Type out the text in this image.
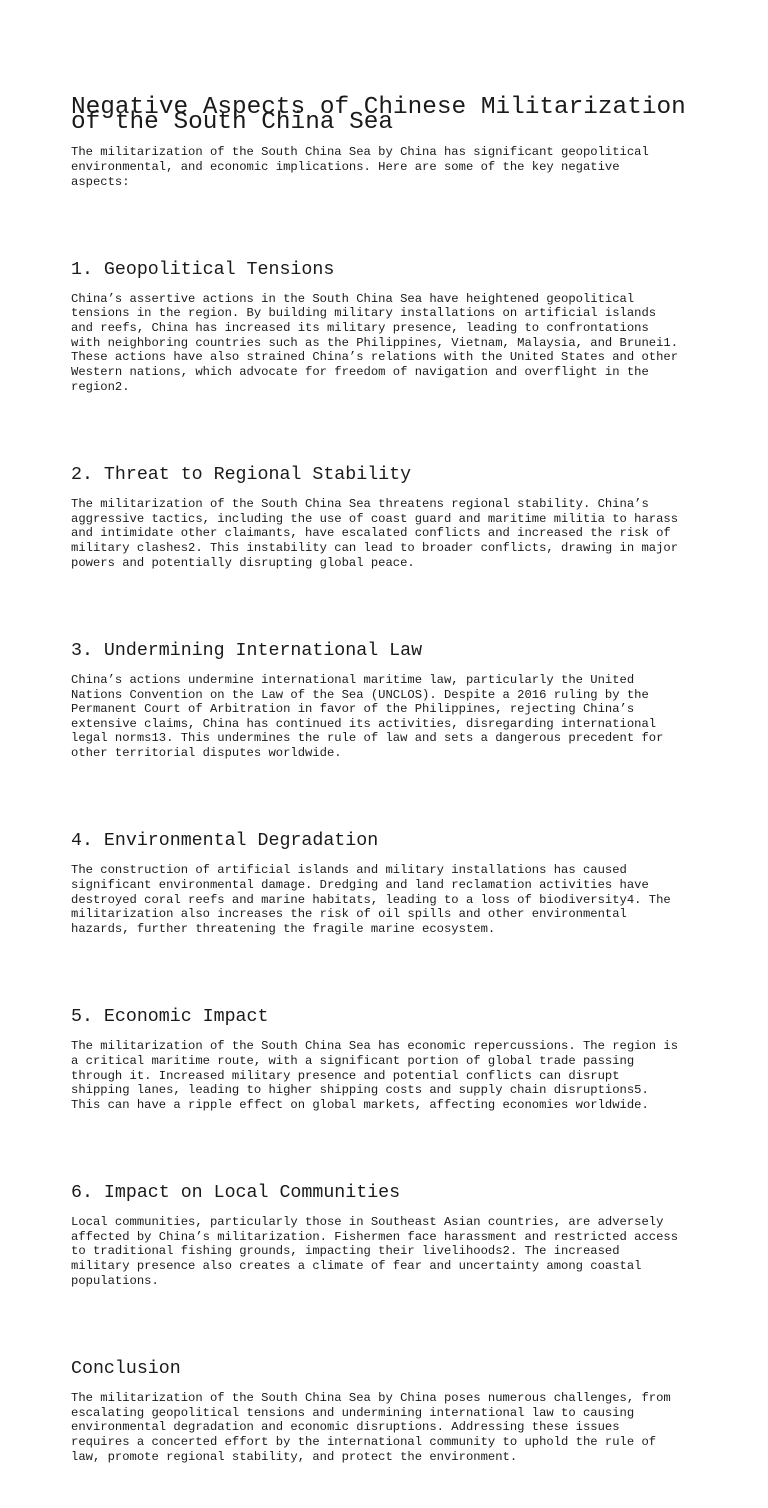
Negative Aspects of Chinese Militarization of the South China Sea

The militarization of the South China Sea by China has significant geopolitical
environmental, and economic implications. Here are some of the key negative
aspects:

1. Geopolitical Tensions

China’s assertive actions in the South China Sea have heightened geopolitical
tensions in the region. By building military installations on artificial islands
and reefs, China has increased its military presence, leading to confrontations
with neighboring countries such as the Philippines, Vietnam, Malaysia, and Brunei1.
These actions have also strained China’s relations with the United States and other
Western nations, which advocate for freedom of navigation and overflight in the
region2.

2. Threat to Regional Stability

The militarization of the South China Sea threatens regional stability. China’s
aggressive tactics, including the use of coast guard and maritime militia to harass
and intimidate other claimants, have escalated conflicts and increased the risk of
military clashes2. This instability can lead to broader conflicts, drawing in major
powers and potentially disrupting global peace.

3. Undermining International Law

China’s actions undermine international maritime law, particularly the United
Nations Convention on the Law of the Sea (UNCLOS). Despite a 2016 ruling by the
Permanent Court of Arbitration in favor of the Philippines, rejecting China’s
extensive claims, China has continued its activities, disregarding international
legal norms13. This undermines the rule of law and sets a dangerous precedent for
other territorial disputes worldwide.

4. Environmental Degradation

The construction of artificial islands and military installations has caused
significant environmental damage. Dredging and land reclamation activities have
destroyed coral reefs and marine habitats, leading to a loss of biodiversity4. The
militarization also increases the risk of oil spills and other environmental
hazards, further threatening the fragile marine ecosystem.

5. Economic Impact

The militarization of the South China Sea has economic repercussions. The region is
a critical maritime route, with a significant portion of global trade passing
through it. Increased military presence and potential conflicts can disrupt
shipping lanes, leading to higher shipping costs and supply chain disruptions5.
This can have a ripple effect on global markets, affecting economies worldwide.

6. Impact on Local Communities

Local communities, particularly those in Southeast Asian countries, are adversely
affected by China’s militarization. Fishermen face harassment and restricted access
to traditional fishing grounds, impacting their livelihoods2. The increased
military presence also creates a climate of fear and uncertainty among coastal
populations.

Conclusion

The militarization of the South China Sea by China poses numerous challenges, from
escalating geopolitical tensions and undermining international law to causing
environmental degradation and economic disruptions. Addressing these issues
requires a concerted effort by the international community to uphold the rule of
law, promote regional stability, and protect the environment.
